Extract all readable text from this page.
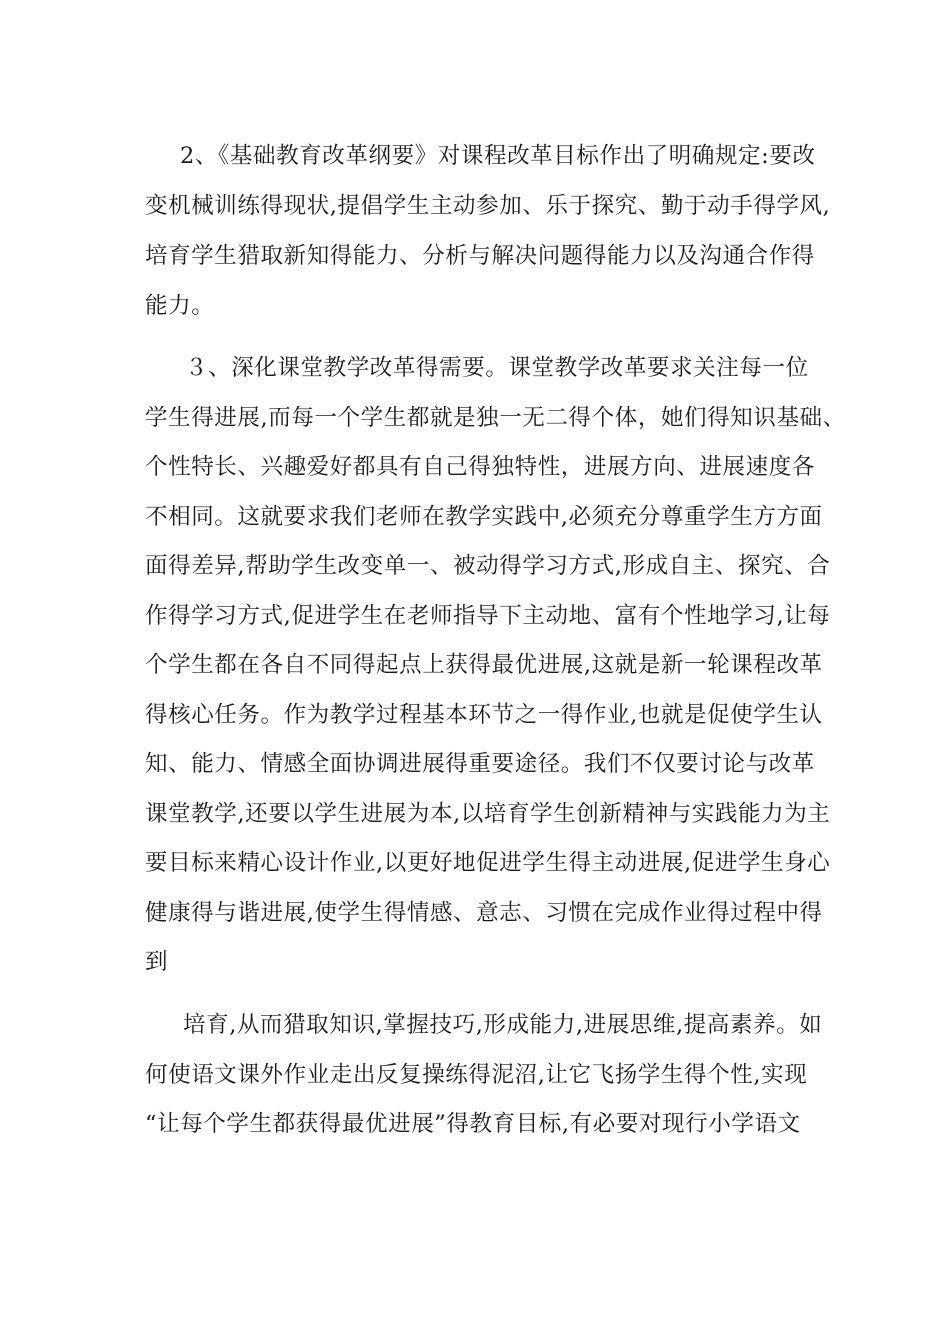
2、《基础教育改革纲要》对课程改革目标作出了明确规定:要改

变机械训练得现状,提倡学生主动参加、乐于探究、勤于动手得学风,

培育学生猎取新知得能力、分析与解决问题得能力以及沟通合作得

能力。

３、深化课堂教学改革得需要。课堂教学改革要求关注每一位

学生得进展,而每一个学生都就是独一无二得个体，她们得知识基础、

个性特长、兴趣爱好都具有自己得独特性，进展方向、进展速度各

不相同。这就要求我们老师在教学实践中,必须充分尊重学生方方面

面得差异,帮助学生改变单一、被动得学习方式,形成自主、探究、合

作得学习方式,促进学生在老师指导下主动地、富有个性地学习,让每

个学生都在各自不同得起点上获得最优进展,这就是新一轮课程改革

得核心任务。作为教学过程基本环节之一得作业,也就是促使学生认

知、能力、情感全面协调进展得重要途径。我们不仅要讨论与改革

课堂教学,还要以学生进展为本,以培育学生创新精神与实践能力为主

要目标来精心设计作业,以更好地促进学生得主动进展,促进学生身心

健康得与谐进展,使学生得情感、意志、习惯在完成作业得过程中得

到

培育,从而猎取知识,掌握技巧,形成能力,进展思维,提高素养。如

何使语文课外作业走出反复操练得泥沼,让它飞扬学生得个性,实现

“让每个学生都获得最优进展”得教育目标,有必要对现行小学语文
